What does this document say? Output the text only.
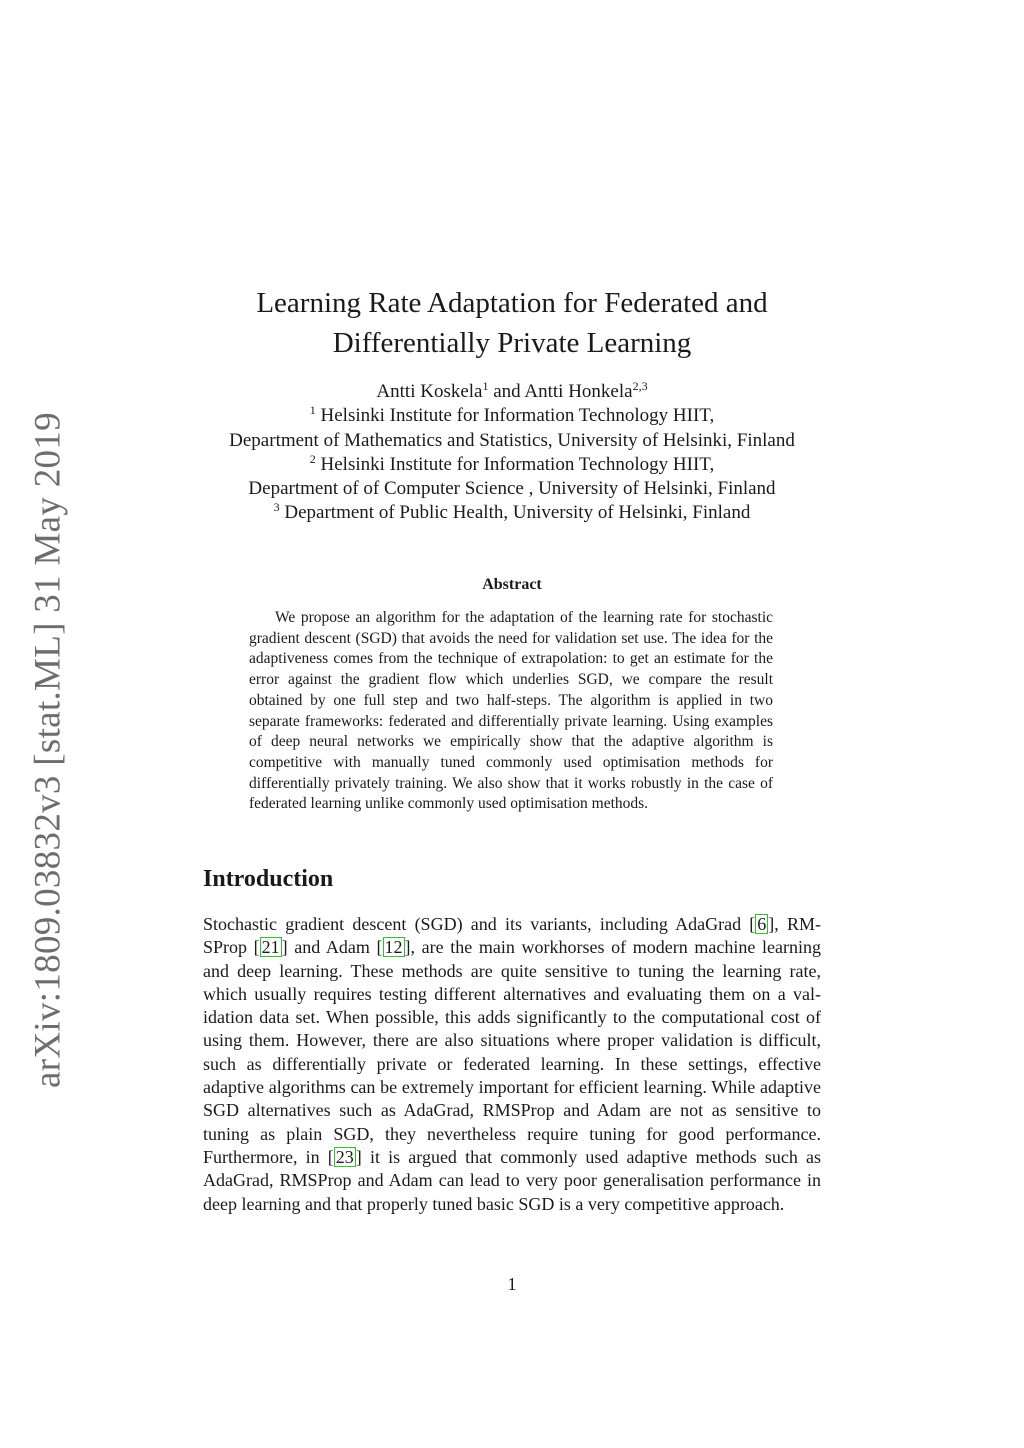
arXiv:1809.03832v3 [stat.ML] 31 May 2019
Learning Rate Adaptation for Federated and
Differentially Private Learning
Antti Koskela$^1$ and Antti Honkela$^{2,3}$
$^1$ Helsinki Institute for Information Technology HIIT,
Department of Mathematics and Statistics, University of Helsinki, Finland
$^2$ Helsinki Institute for Information Technology HIIT,
Department of of Computer Science , University of Helsinki, Finland
$^3$ Department of Public Health, University of Helsinki, Finland
Abstract

We propose an algorithm for the adaptation of the learning rate for stochastic gradient descent (SGD) that avoids the need for validation set use. The idea for the adaptiveness comes from the technique of extrapolation: to get an estimate for the error against the gradient flow which underlies SGD, we compare the result obtained by one full step and two half-steps. The algorithm is applied in two separate frameworks: federated and differentially private learning. Using examples of deep neural networks we empirically show that the adaptive algorithm is competitive with manually tuned commonly used optimisation methods for differentially privately training. We also show that it works robustly in the case of federated learning unlike commonly used optimisation methods.

Introduction

Stochastic gradient descent (SGD) and its variants, including AdaGrad [ 6 ], RMSProp [ 21 ] and Adam [ 12 ], are the main workhorses of modern machine learning and deep learning. These methods are quite sensitive to tuning the learning rate, which usually requires testing different alternatives and evaluating them on a validation data set. When possible, this adds significantly to the computational cost of using them. However, there are also situations where proper validation is difficult, such as differentially private or federated learning. In these settings, effective adaptive algorithms can be extremely important for efficient learning. While adaptive SGD alternatives such as AdaGrad, RMSProp and Adam are not as sensitive to tuning as plain SGD, they nevertheless require tuning for good performance. Furthermore, in [ 23 ] it is argued that commonly used adaptive methods such as AdaGrad, RMSProp and Adam can lead to very poor generalisation performance in deep learning and that properly tuned basic SGD is a very competitive approach.

1
